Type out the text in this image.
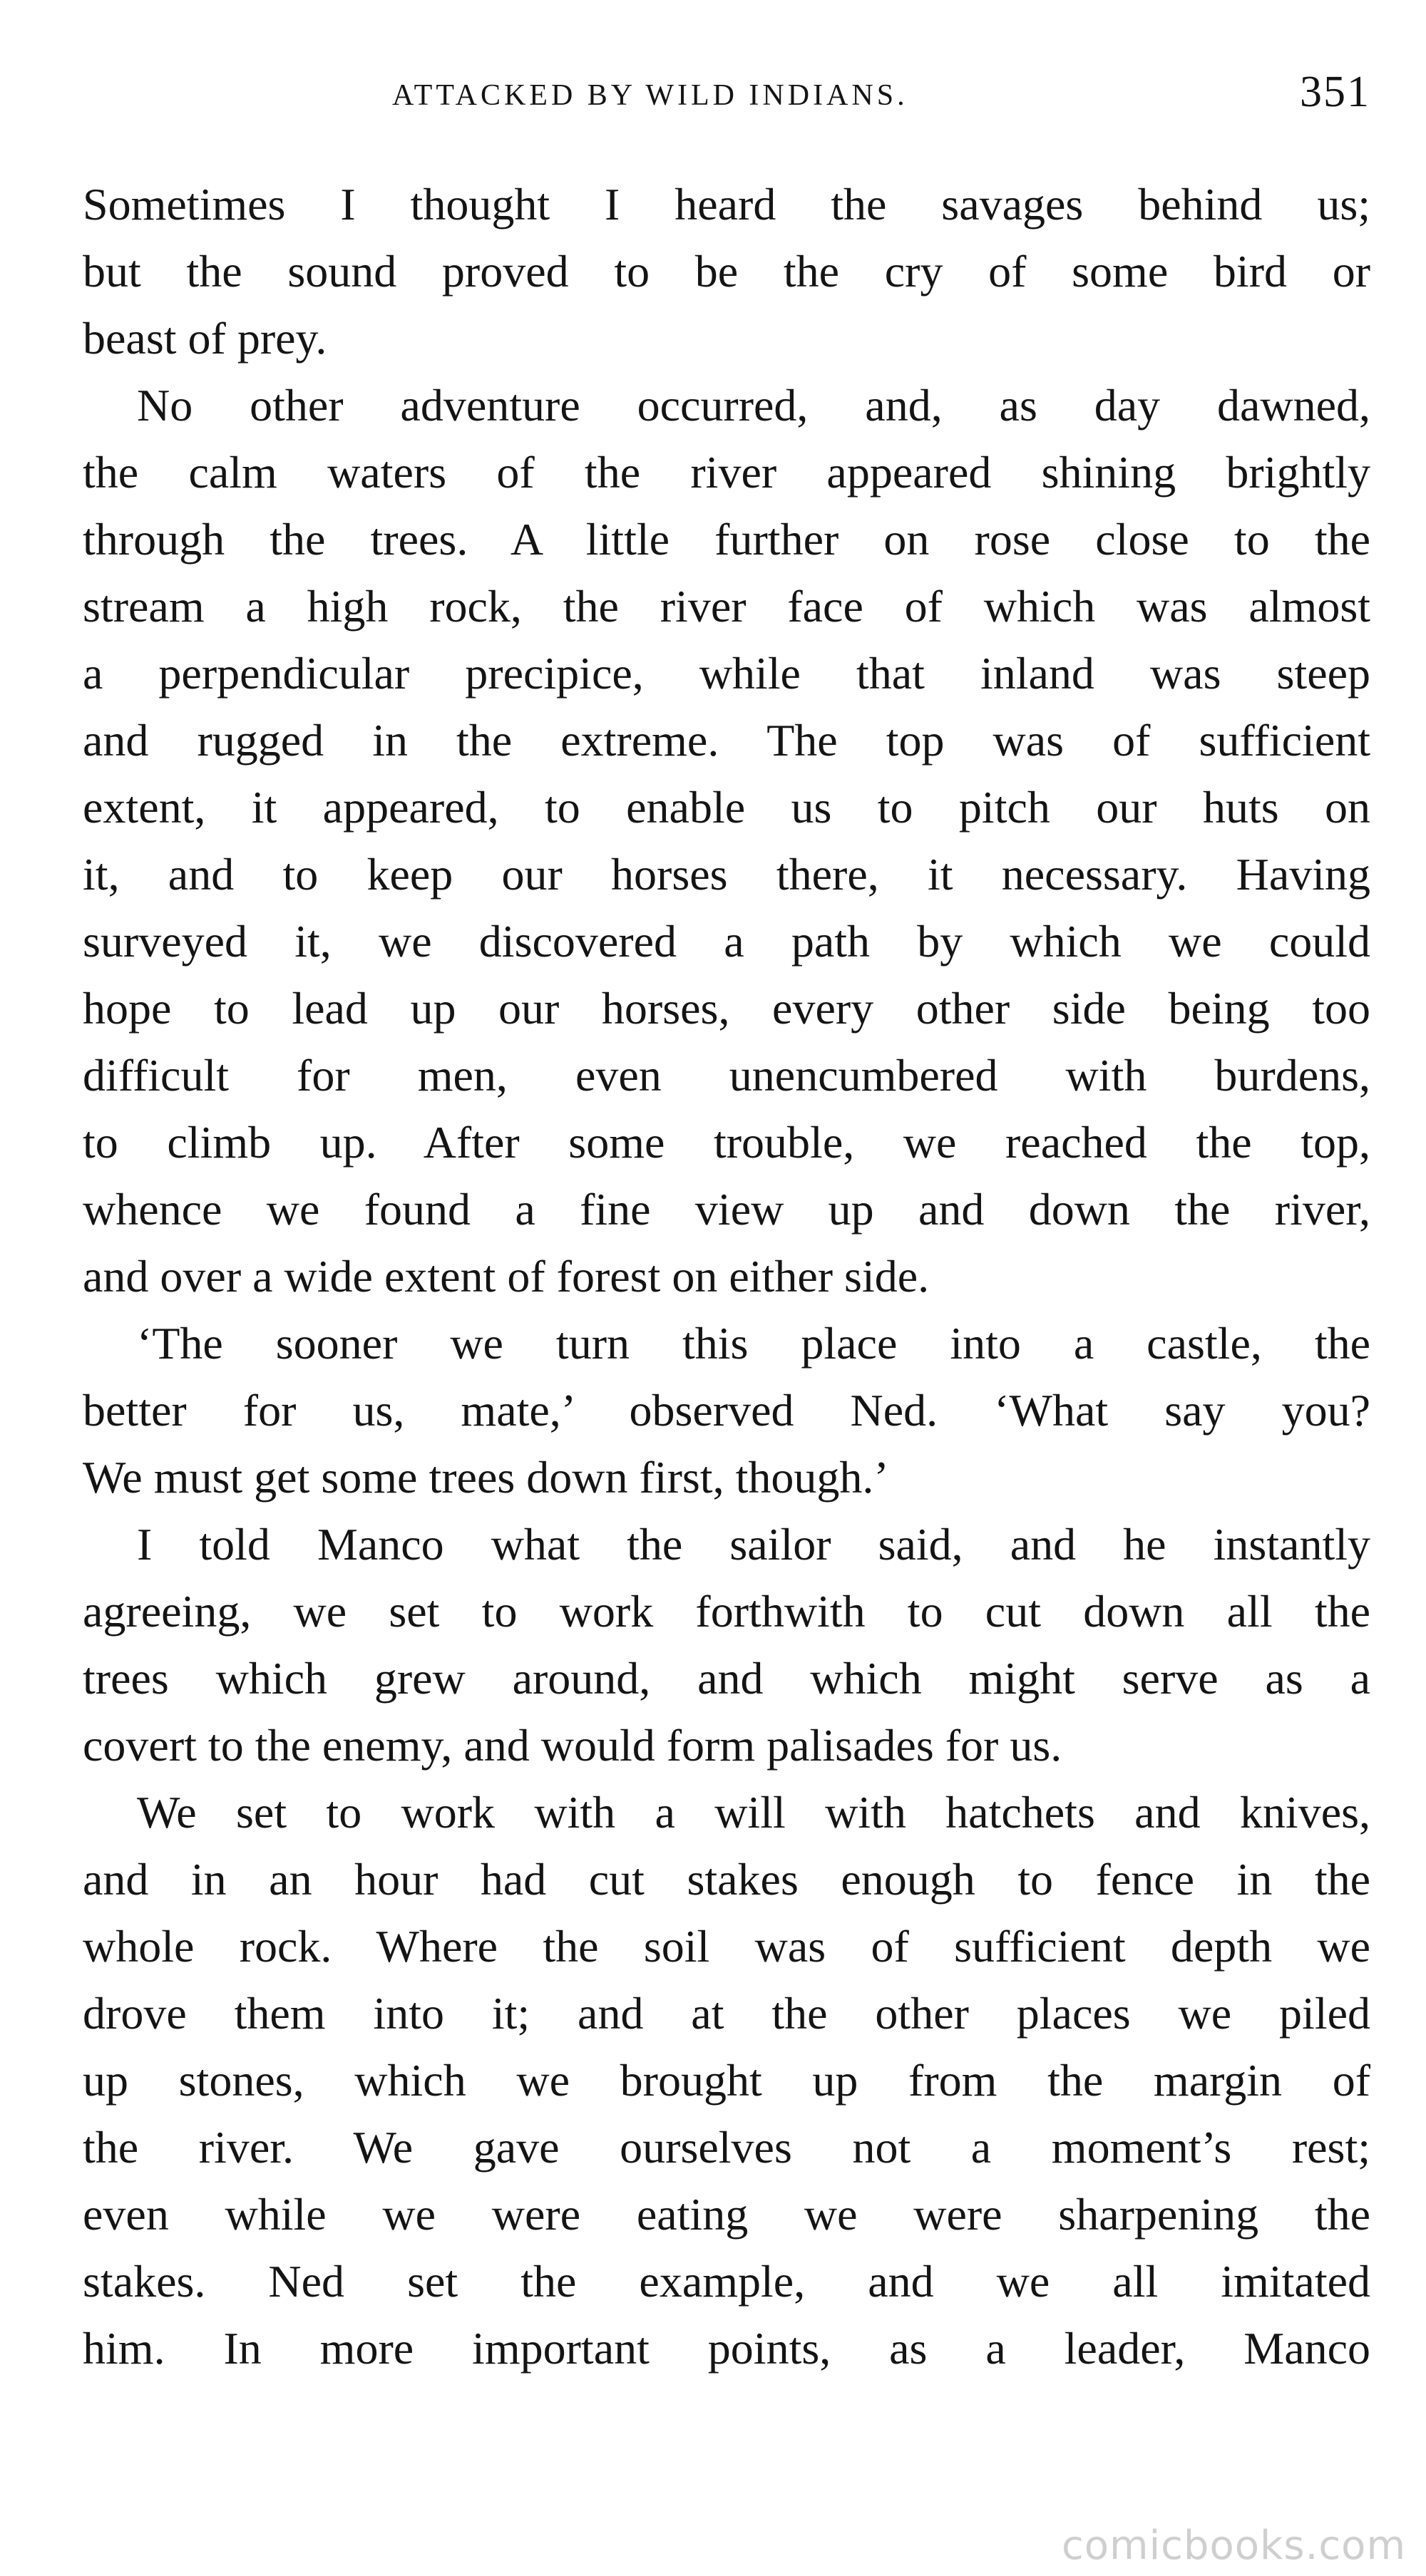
ATTACKED BY WILD INDIANS.	351
Sometimes I thought I heard the savages behind us;
but the sound proved to be the cry of some bird or
beast of prey.
No other adventure occurred, and, as day dawned,
the calm waters of the river appeared shining brightly
through the trees. A little further on rose close to the
stream a high rock, the river face of which was almost
a perpendicular precipice, while that inland was steep
and rugged in the extreme. The top was of sufficient
extent, it appeared, to enable us to pitch our huts on
it, and to keep our horses there, it necessary. Having
surveyed it, we discovered a path by which we could
hope to lead up our horses, every other side being too
difficult for men, even unencumbered with burdens,
to climb up. After some trouble, we reached the top,
whence we found a fine view up and down the river,
and over a wide extent of forest on either side.
‘The sooner we turn this place into a castle, the
better for us, mate,’ observed Ned. ‘What say you?
We must get some trees down first, though.’
I told Manco what the sailor said, and he instantly
agreeing, we set to work forthwith to cut down all the
trees which grew around, and which might serve as a
covert to the enemy, and would form palisades for us.
We set to work with a will with hatchets and knives,
and in an hour had cut stakes enough to fence in the
whole rock. Where the soil was of sufficient depth we
drove them into it; and at the other places we piled
up stones, which we brought up from the margin of
the river. We gave ourselves not a moment’s rest;
even while we were eating we were sharpening the
stakes. Ned set the example, and we all imitated
him. In more important points, as a leader, Manco
comicbooks.com
